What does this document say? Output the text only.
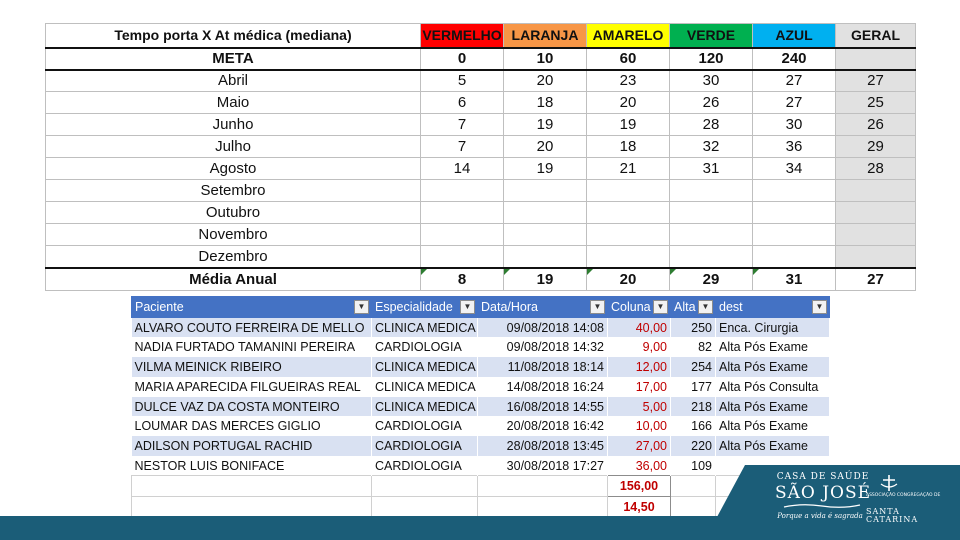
Tempo porta X At médica (mediana)	VERMELHO	LARANJA	AMARELO	VERDE	AZUL	GERAL
META	0	10	60	120	240	
Abril	5	20	23	30	27	27
Maio	6	18	20	26	27	25
Junho	7	19	19	28	30	26
Julho	7	20	18	32	36	29
Agosto	14	19	21	31	34	28
Setembro						
Outubro						
Novembro						
Dezembro						
Média Anual	8	19	20	29	31	27
Paciente ▼	Especialidade ▼	Data/Hora ▼	Coluna ▼	Alta ▼	dest ▼

ALVARO COUTO FERREIRA DE MELLO	CLINICA MEDICA	09/08/2018 14:08	40,00	250	Enca. Cirurgia
NADIA FURTADO TAMANINI PEREIRA	CARDIOLOGIA	09/08/2018 14:32	9,00	82	Alta Pós Exame
VILMA MEINICK RIBEIRO	CLINICA MEDICA	11/08/2018 18:14	12,00	254	Alta Pós Exame
MARIA APARECIDA FILGUEIRAS REAL	CLINICA MEDICA	14/08/2018 16:24	17,00	177	Alta Pós Consulta
DULCE VAZ DA COSTA MONTEIRO	CLINICA MEDICA	16/08/2018 14:55	5,00	218	Alta Pós Exame
LOUMAR DAS MERCES GIGLIO	CARDIOLOGIA	20/08/2018 16:42	10,00	166	Alta Pós Exame
ADILSON PORTUGAL RACHID	CARDIOLOGIA	28/08/2018 13:45	27,00	220	Alta Pós Exame
NESTOR LUIS BONIFACE	CARDIOLOGIA	30/08/2018 17:27	36,00	109	
			156,00		
			14,50		
CASA DE SAÚDE
SÃO JOSÉ
Porque a vida é sagrada
ASSOCIAÇÃO CONGREGAÇÃO DE
SANTA CATARINA
